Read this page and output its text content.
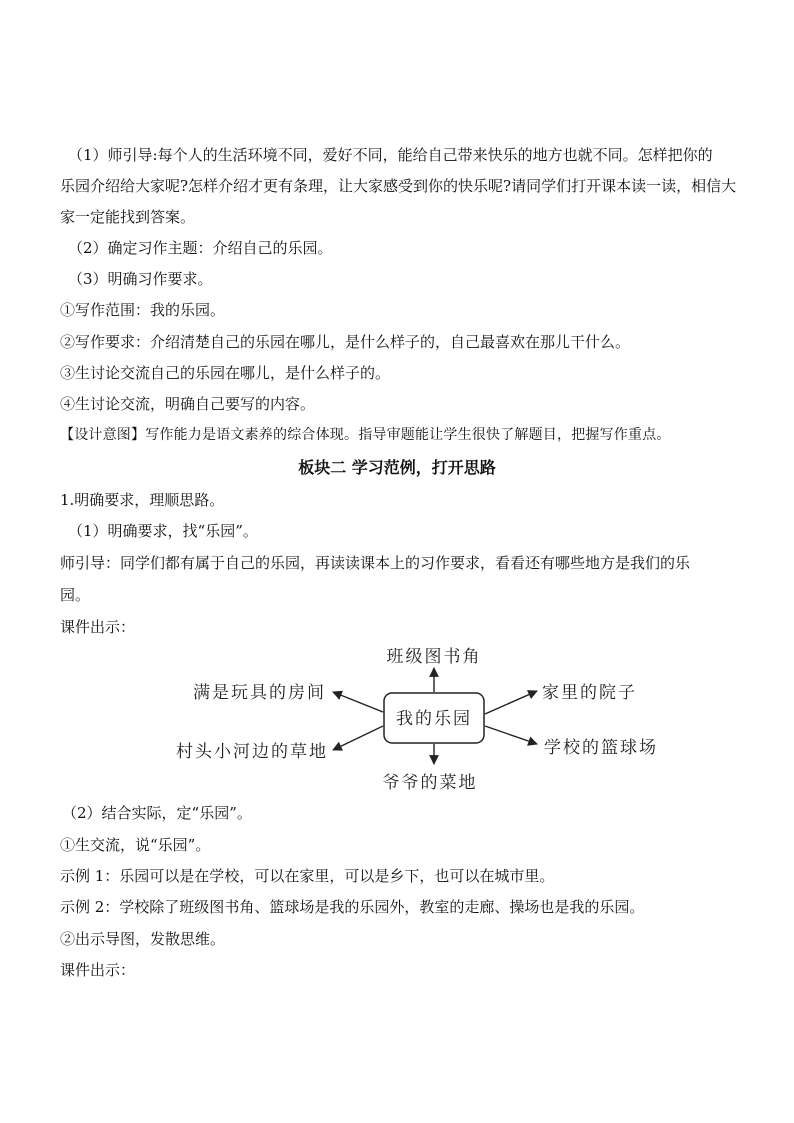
（1）师引导:每个人的生活环境不同，爱好不同，能给自己带来快乐的地方也就不同。怎样把你的
乐园介绍给大家呢?怎样介绍才更有条理，让大家感受到你的快乐呢?请同学们打开课本读一读，相信大
家一定能找到答案。
（2）确定习作主题：介绍自己的乐园。
（3）明确习作要求。
①写作范围：我的乐园。
②写作要求：介绍清楚自己的乐园在哪儿，是什么样子的，自己最喜欢在那儿干什么。
③生讨论交流自己的乐园在哪儿，是什么样子的。
④生讨论交流，明确自己要写的内容。
【设计意图】写作能力是语文素养的综合体现。指导审题能让学生很快了解题目，把握写作重点。
板块二 学习范例，打开思路
1.明确要求，理顺思路。
（1）明确要求，找“乐园”。
师引导：同学们都有属于自己的乐园，再读读课本上的习作要求，看看还有哪些地方是我们的乐
园。
课件出示：
我的乐园
班级图书角
满是玩具的房间
村头小河边的草地
家里的院子
学校的篮球场
爷爷的菜地
（2）结合实际，定“乐园”。
①生交流，说“乐园”。
示例 1：乐园可以是在学校，可以在家里，可以是乡下，也可以在城市里。
示例 2：学校除了班级图书角、篮球场是我的乐园外，教室的走廊、操场也是我的乐园。
②出示导图，发散思维。
课件出示：
